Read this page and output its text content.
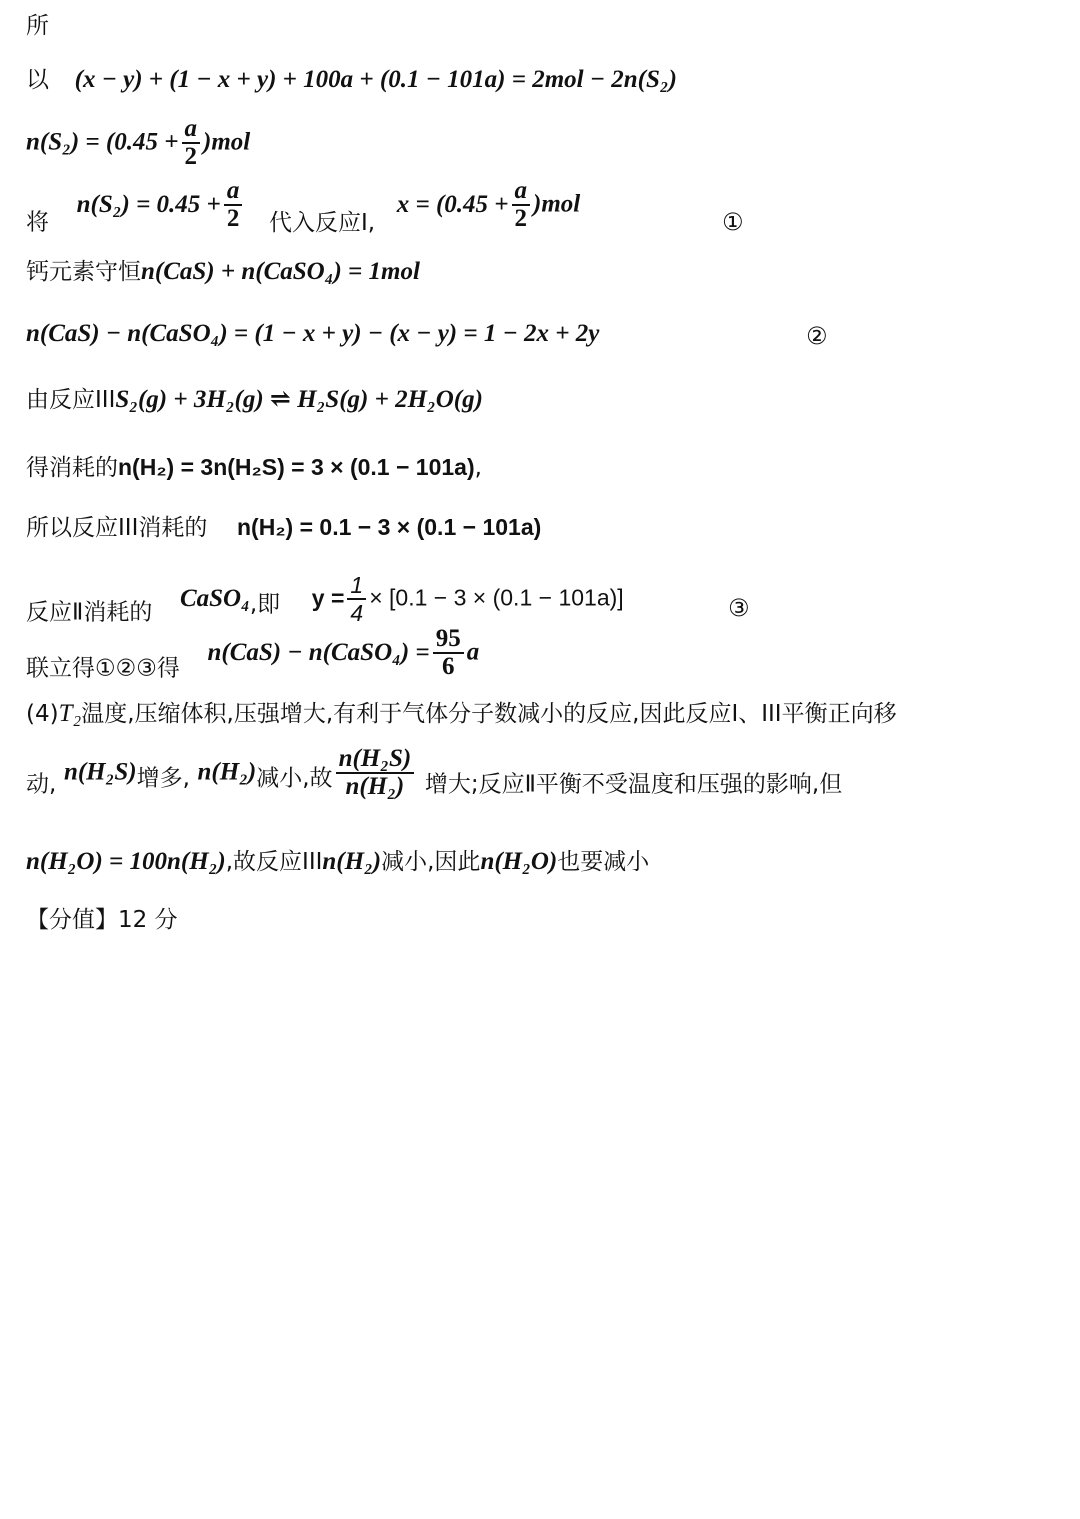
所
以 (x − y) + (1 − x + y) + 100a + (0.1 − 101a) = 2mol − 2n(S₂)
$n(S_2) = (0.45 + \frac{a}{2} )mol$
将 $n(S_2) = 0.45 + \frac{a}{2}$ 代入反应Ⅰ, $x = (0.45 + \frac{a}{2} )mol$
①
钙元素守恒n(CaS) + n(CaSO₄) = 1mol
n(CaS) − n(CaSO₄) = (1 − x + y) − (x − y) = 1 − 2x + 2y	②
由反应IIIS₂(g) + 3H₂(g) ⇌ H₂S(g) + 2H₂O(g)
得消耗的n(H₂) = 3n(H₂S) = 3 × (0.1 − 101a),
所以反应III消耗的 n(H₂) = 0.1 − 3 × (0.1 − 101a)
反应Ⅱ消耗的 CaSO₄,即 $y = \frac{1}{4} \times [0.1 - 3 \times (0.1 - 101a)]$	③
联立得①②③得 n(CaS) − n(CaSO₄) = $\frac{95}{6}$ a
(4)T₂温度,压缩体积,压强增大,有利于气体分子数减小的反应,因此反应Ⅰ、III平衡正向移
动, n(H₂S)增多, n(H₂)减小,故 $\frac{\text{n(H₂S)}}{\text{n(H₂)}}$ 增大;反应Ⅱ平衡不受温度和压强的影响,但
n(H₂O) = 100n(H₂),故反应IIIn(H₂)减小,因此n(H₂O)也要减小
【分值】12 分
